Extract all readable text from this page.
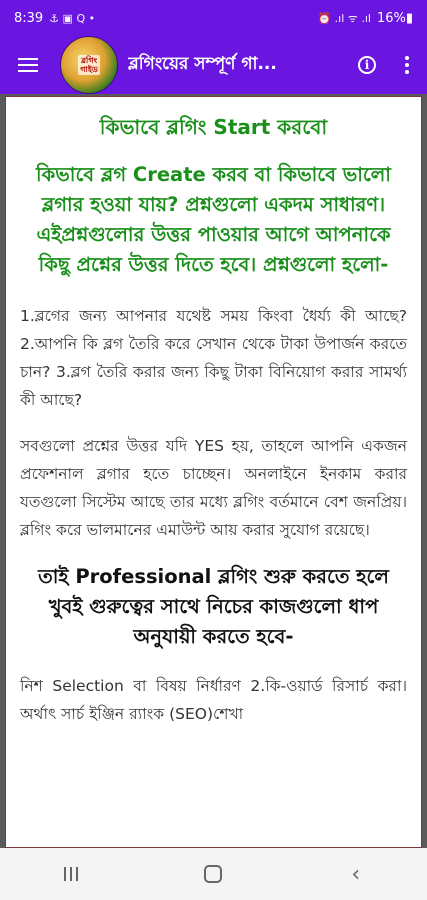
8:39 ⚓ ▣ Q •	⏰ .ıl ᯤ .ıl 16%▮
ব্লগিং
গাইড ব্লগিংয়ের সম্পূর্ণ গা...	i
কিভাবে ব্লগিং Start করবো
কিভাবে ব্লগ Create করব বা কিভাবে ভালো ব্লগার হওয়া যায়? প্রশ্নগুলো একদম সাধারণ। এইপ্রশ্নগুলোর উত্তর পাওয়ার আগে আপনাকে কিছু প্রশ্নের উত্তর দিতে হবে। প্রশ্নগুলো হলো-
1.ব্লগের জন্য আপনার যথেষ্ট সময় কিংবা ধৈর্য্য কী আছে? 2.আপনি কি ব্লগ তৈরি করে সেখান থেকে টাকা উপার্জন করতে চান? 3.ব্লগ তৈরি করার জন্য কিছু টাকা বিনিয়োগ করার সামর্থ্য কী আছে?
সবগুলো প্রশ্নের উত্তর যদি YES হয়, তাহলে আপনি একজন প্রফেশনাল ব্লগার হতে চাচ্ছেন। অনলাইনে ইনকাম করার যতগুলো সিস্টেম আছে তার মধ্যে ব্লগিং বর্তমানে বেশ জনপ্রিয়। ব্লগিং করে ভালমানের এমাউন্ট আয় করার সুযোগ রয়েছে।
তাই Professional ব্লগিং শুরু করতে হলে খুবই গুরুত্বের সাথে নিচের কাজগুলো ধাপ অনুযায়ী করতে হবে-
নিশ Selection বা বিষয় নির্ধারণ 2.কি-ওয়ার্ড রিসার্চ করা। অর্থাৎ সার্চ ইঞ্জিন র‍্যাংক (SEO)শেখা
‹
